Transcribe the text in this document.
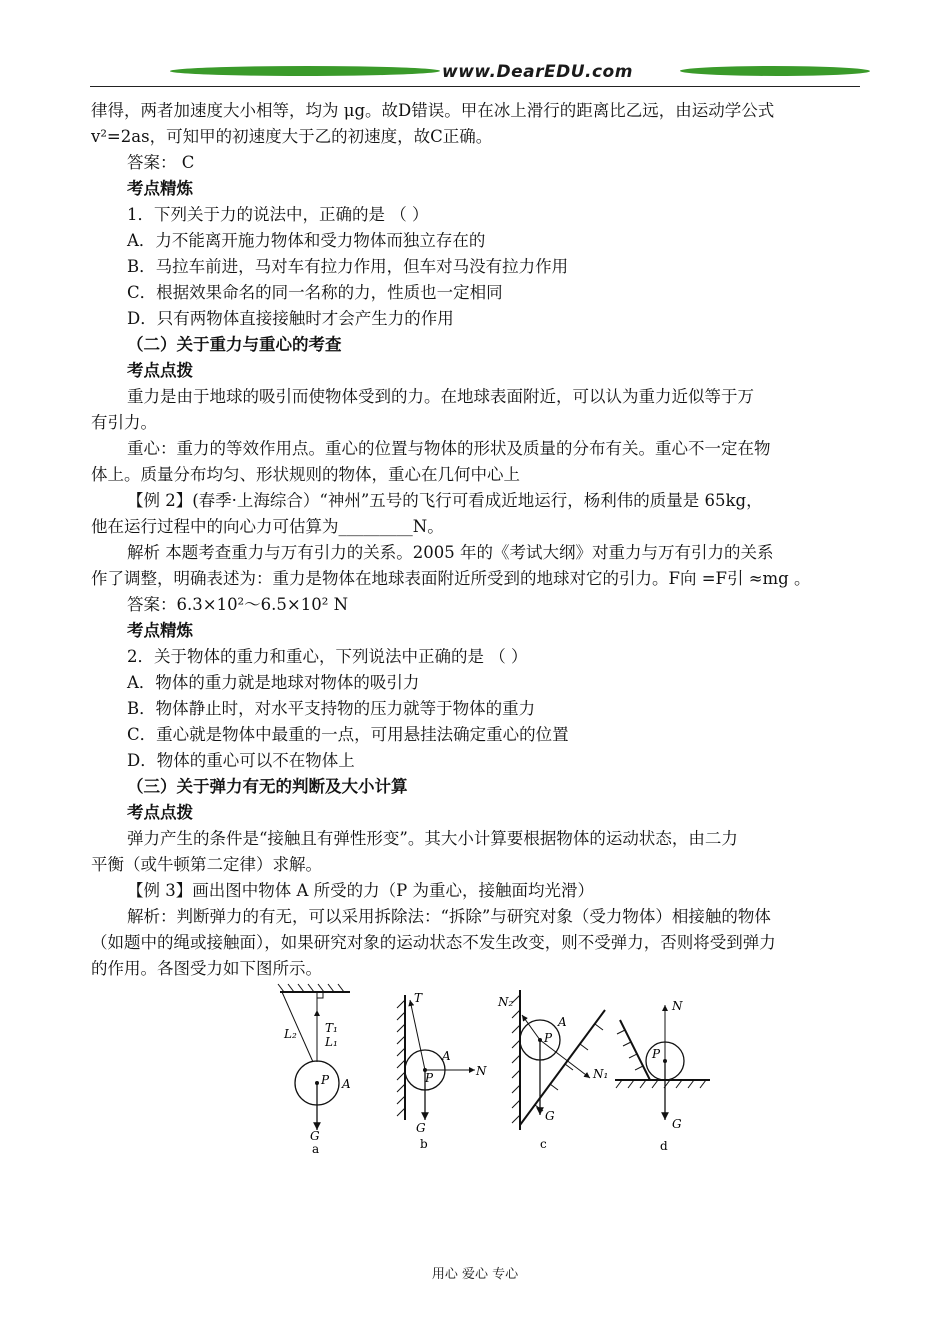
www.DearEDU.com

律得，两者加速度大小相等，均为 μg。故D错误。甲在冰上滑行的距离比乙远，由运动学公式

v²=2as，可知甲的初速度大于乙的初速度，故C正确。

答案： C

考点精炼

1．下列关于力的说法中，正确的是 （ ）

A．力不能离开施力物体和受力物体而独立存在的

B．马拉车前进，马对车有拉力作用，但车对马没有拉力作用

C．根据效果命名的同一名称的力，性质也一定相同

D．只有两物体直接接触时才会产生力的作用

（二）关于重力与重心的考查

考点点拨

重力是由于地球的吸引而使物体受到的力。在地球表面附近，可以认为重力近似等于万

有引力。

重心：重力的等效作用点。重心的位置与物体的形状及质量的分布有关。重心不一定在物

体上。质量分布均匀、形状规则的物体，重心在几何中心上

【例 2】(春季·上海综合）“神州”五号的飞行可看成近地运行，杨利伟的质量是 65kg，

他在运行过程中的向心力可估算为_________N。

解析 本题考查重力与万有引力的关系。2005 年的《考试大纲》对重力与万有引力的关系

作了调整，明确表述为：重力是物体在地球表面附近所受到的地球对它的引力。F向 =F引 ≈mg 。

答案：6.3×10²～6.5×10² N

考点精炼

2．关于物体的重力和重心，下列说法中正确的是 （ ）

A．物体的重力就是地球对物体的吸引力

B．物体静止时，对水平支持物的压力就等于物体的重力

C．重心就是物体中最重的一点，可用悬挂法确定重心的位置

D．物体的重心可以不在物体上

（三）关于弹力有无的判断及大小计算

考点点拨

弹力产生的条件是“接触且有弹性形变”。其大小计算要根据物体的运动状态，由二力

平衡（或牛顿第二定律）求解。

【例 3】画出图中物体 A 所受的力（P 为重心，接触面均光滑）

解析：判断弹力的有无，可以采用拆除法：“拆除”与研究对象（受力物体）相接触的物体

（如题中的绳或接触面），如果研究对象的运动状态不发生改变，则不受弹力，否则将受到弹力

的作用。各图受力如下图所示。

L₂ T₁
L₁
P A
G
a
T
A
P	N
G
b
N₂
A
P
N₁
G
c
N
P
G
d
用心 爱心 专心
